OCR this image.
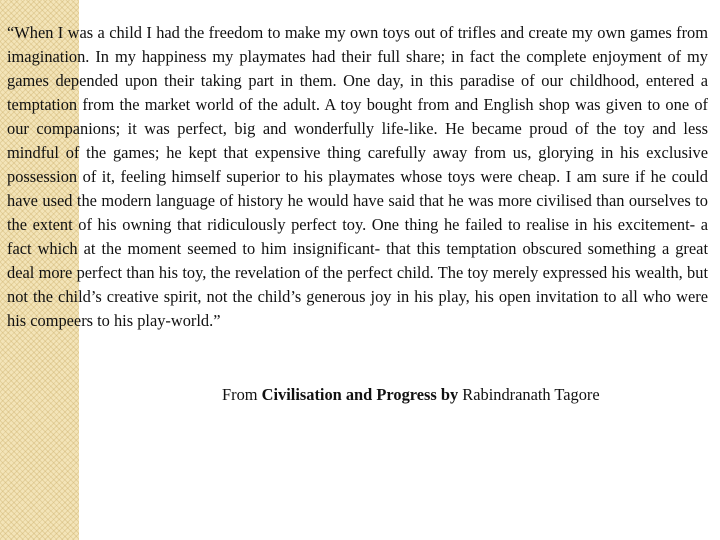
“When I was a child I had the freedom to make my own toys out of trifles and create my own games from imagination. In my happiness my playmates had their full share; in fact the complete enjoyment of my games depended upon their taking part in them. One day, in this paradise of our childhood, entered a temptation from the market world of the adult. A toy bought from and English shop was given to one of our companions; it was perfect, big and wonderfully life-like. He became proud of the toy and less mindful of the games; he kept that expensive thing carefully away from us, glorying in his exclusive possession of it, feeling himself superior to his playmates whose toys were cheap. I am sure if he could have used the modern language of history he would have said that he was more civilised than ourselves to the extent of his owning that ridiculously perfect toy. One thing he failed to realise in his excitement- a fact which at the moment seemed to him insignificant- that this temptation obscured something a great deal more perfect than his toy, the revelation of the perfect child. The toy merely expressed his wealth, but not the child’s creative spirit, not the child’s generous joy in his play, his open invitation to all who were his compeers to his play-world.”

From Civilisation and Progress by Rabindranath Tagore
